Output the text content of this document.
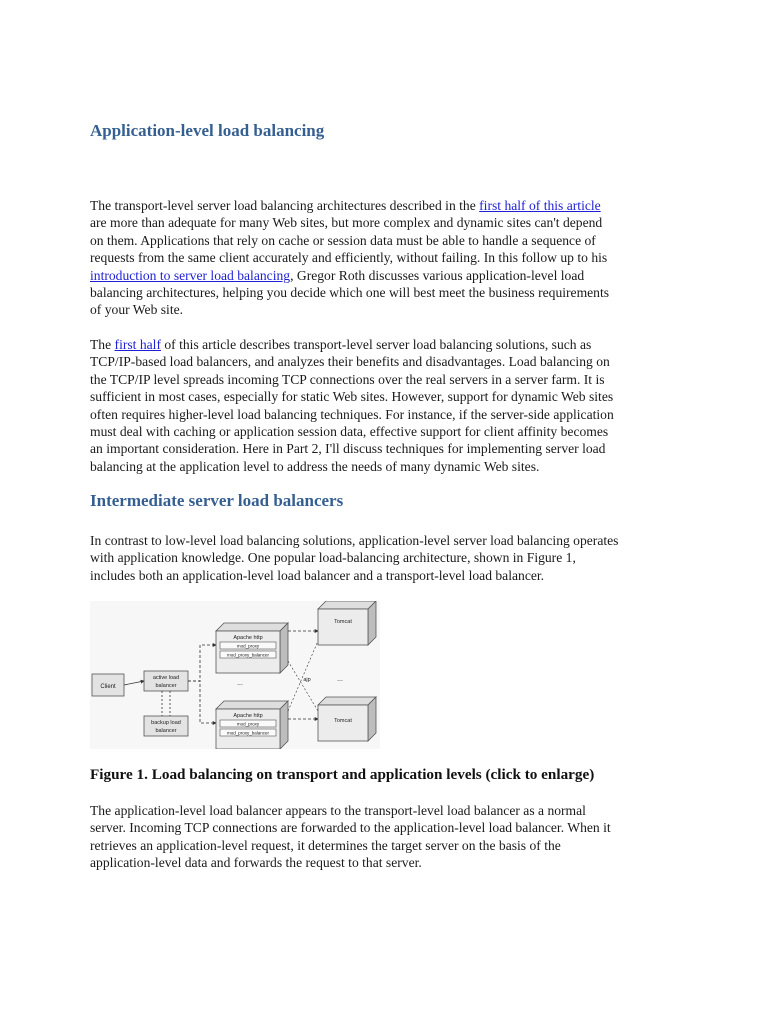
Application-level load balancing
The transport-level server load balancing architectures described in the first half of this article
are more than adequate for many Web sites, but more complex and dynamic sites can't depend
on them. Applications that rely on cache or session data must be able to handle a sequence of
requests from the same client accurately and efficiently, without failing. In this follow up to his
introduction to server load balancing, Gregor Roth discusses various application-level load
balancing architectures, helping you decide which one will best meet the business requirements
of your Web site.
The first half of this article describes transport-level server load balancing solutions, such as
TCP/IP-based load balancers, and analyzes their benefits and disadvantages. Load balancing on
the TCP/IP level spreads incoming TCP connections over the real servers in a server farm. It is
sufficient in most cases, especially for static Web sites. However, support for dynamic Web sites
often requires higher-level load balancing techniques. For instance, if the server-side application
must deal with caching or application session data, effective support for client affinity becomes
an important consideration. Here in Part 2, I'll discuss techniques for implementing server load
balancing at the application level to address the needs of many dynamic Web sites.
Intermediate server load balancers
In contrast to low-level load balancing solutions, application-level server load balancing operates
with application knowledge. One popular load-balancing architecture, shown in Figure 1,
includes both an application-level load balancer and a transport-level load balancer.
Client
active load
balancer
backup load
balancer
Apache http
mod_proxy
mod_proxy_balancer
Apache http
mod_proxy
mod_proxy_balancer
...	ajp
Tomcat
...
Tomcat

Figure 1. Load balancing on transport and application levels (click to enlarge)

The application-level load balancer appears to the transport-level load balancer as a normal
server. Incoming TCP connections are forwarded to the application-level load balancer. When it
retrieves an application-level request, it determines the target server on the basis of the
application-level data and forwards the request to that server.
